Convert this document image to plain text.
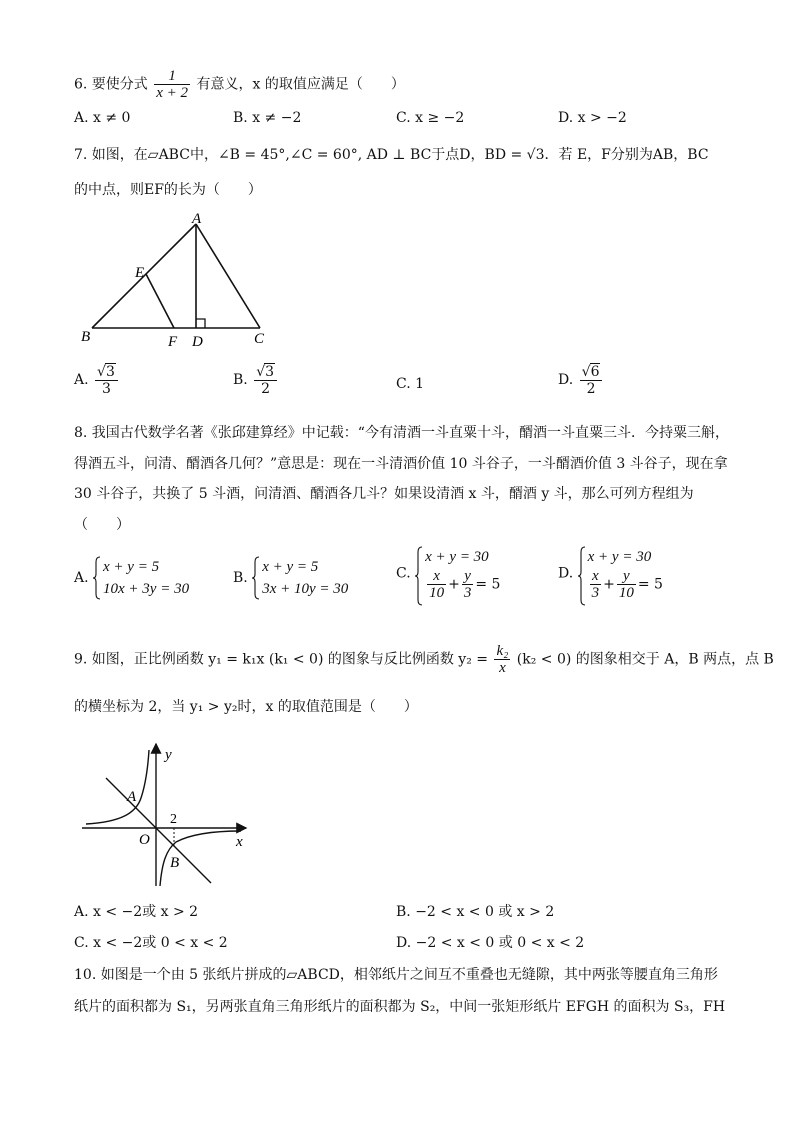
6. 要使分式 $\frac{1}{x + 2}$ 有意义，x 的取值应满足（　　）
A. x ≠ 0	B. x ≠ −2	C. x ≥ −2	D. x > −2
7. 如图，在▱ABC中，∠B = 45°,∠C = 60°, AD ⊥ BC于点D，BD = √3．若 E，F分别为AB，BC
的中点，则EF的长为（　　）
A
B	C
D
E
F
A. $\frac{√3}{3}$	B. $\frac{√3}{2}$	C. 1	D. $\frac{√6}{2}$
8. 我国古代数学名著《张邱建算经》中记载：“今有清酒一斗直粟十斗，醑酒一斗直粟三斗．今持粟三斛，
得酒五斗，问清、醑酒各几何？”意思是：现在一斗清酒价值 10 斗谷子，一斗醑酒价值 3 斗谷子，现在拿
30 斗谷子，共换了 5 斗酒，问清酒、醑酒各几斗？如果设清酒 x 斗，醑酒 y 斗，那么可列方程组为
（　　）
A.
x + y = 5
10x + 3y = 30
B.
x + y = 5
3x + 10y = 30
C.
x + y = 30
$\frac{x}{10} + \frac{y}{3} = 5$
D.
x + y = 30
$\frac{x}{3} + \frac{y}{10} = 5$
9. 如图，正比例函数 y₁ = k₁x (k₁ < 0) 的图象与反比例函数 $y_2 = \frac{\text{k₂}}{x} (k_2 < 0)$ 的图象相交于 A，B 两点，点 B
的横坐标为 2，当 y₁ > y₂时，x 的取值范围是（　　）
y
x
O
A
B
2
A. x < −2或 x > 2	B. −2 < x < 0 或 x > 2
C. x < −2或 0 < x < 2	D. −2 < x < 0 或 0 < x < 2
10. 如图是一个由 5 张纸片拼成的▱ABCD，相邻纸片之间互不重叠也无缝隙，其中两张等腰直角三角形
纸片的面积都为 S₁，另两张直角三角形纸片的面积都为 S₂，中间一张矩形纸片 EFGH 的面积为 S₃，FH
